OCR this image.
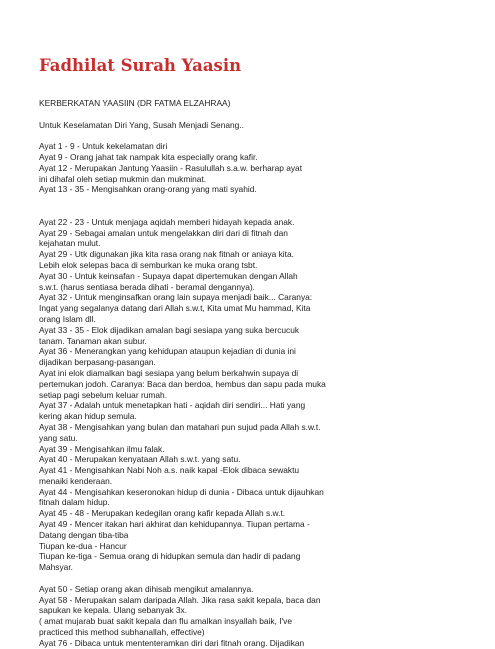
Fadhilat Surah Yaasin
KERBERKATAN YAASIIN (DR FATMA ELZAHRAA)
Untuk Keselamatan Diri Yang, Susah Menjadi Senang..
Ayat 1 - 9 - Untuk kekelamatan diri
Ayat 9 - Orang jahat tak nampak kita especially orang kafir.
Ayat 12 - Merupakan Jantung Yaasiin - Rasulullah s.a.w. berharap ayat
ini dihafal oleh setiap mukmin dan mukminat.
Ayat 13 - 35 - Mengisahkan orang-orang yang mati syahid.
Ayat 22 - 23 - Untuk menjaga aqidah memberi hidayah kepada anak.
Ayat 29 - Sebagai amalan untuk mengelakkan diri dari di fitnah dan
kejahatan mulut.
Ayat 29 - Utk digunakan jika kita rasa orang nak fitnah or aniaya kita.
Lebih elok selepas baca di semburkan ke muka orang tsbt.
Ayat 30 - Untuk keinsafan - Supaya dapat dipertemukan dengan Allah
s.w.t. (harus sentiasa berada dihati - beramal dengannya).
Ayat 32 - Untuk menginsafkan orang lain supaya menjadi baik... Caranya:
Ingat yang segalanya datang dari Allah s.w.t, Kita umat Mu hammad, Kita
orang Islam dll.
Ayat 33 - 35 - Elok dijadikan amalan bagi sesiapa yang suka bercucuk
tanam. Tanaman akan subur.
Ayat 36 - Menerangkan yang kehidupan ataupun kejadian di dunia ini
dijadikan berpasang-pasangan.
Ayat ini elok diamalkan bagi sesiapa yang belum berkahwin supaya di
pertemukan jodoh. Caranya: Baca dan berdoa, hembus dan sapu pada muka
setiap pagi sebelum keluar rumah.
Ayat 37 - Adalah untuk menetapkan hati - aqidah diri sendiri... Hati yang
kering akan hidup semula.
Ayat 38 - Mengisahkan yang bulan dan matahari pun sujud pada Allah s.w.t.
yang satu.
Ayat 39 - Mengisahkan ilmu falak.
Ayat 40 - Merupakan kenyataan Allah s.w.t. yang satu.
Ayat 41 - Mengisahkan Nabi Noh a.s. naik kapal -Elok dibaca sewaktu
menaiki kenderaan.
Ayat 44 - Mengisahkan keseronokan hidup di dunia - Dibaca untuk dijauhkan
fitnah dalam hidup.
Ayat 45 - 48 - Merupakan kedegilan orang kafir kepada Allah s.w.t.
Ayat 49 - Mencer itakan hari akhirat dan kehidupannya. Tiupan pertama -
Datang dengan tiba-tiba
Tiupan ke-dua - Hancur
Tiupan ke-tiga - Semua orang di hidupkan semula dan hadir di padang
Mahsyar.
Ayat 50 - Setiap orang akan dihisab mengikut amalannya.
Ayat 58 - Merupakan salam daripada Allah. Jika rasa sakit kepala, baca dan
sapukan ke kepala. Ulang sebanyak 3x.
( amat mujarab buat sakit kepala dan flu amalkan insyallah baik, I've
practiced this method subhanallah, effective)
Ayat 76 - Dibaca untuk mententeramkan diri dari fitnah orang. Dijadikan
